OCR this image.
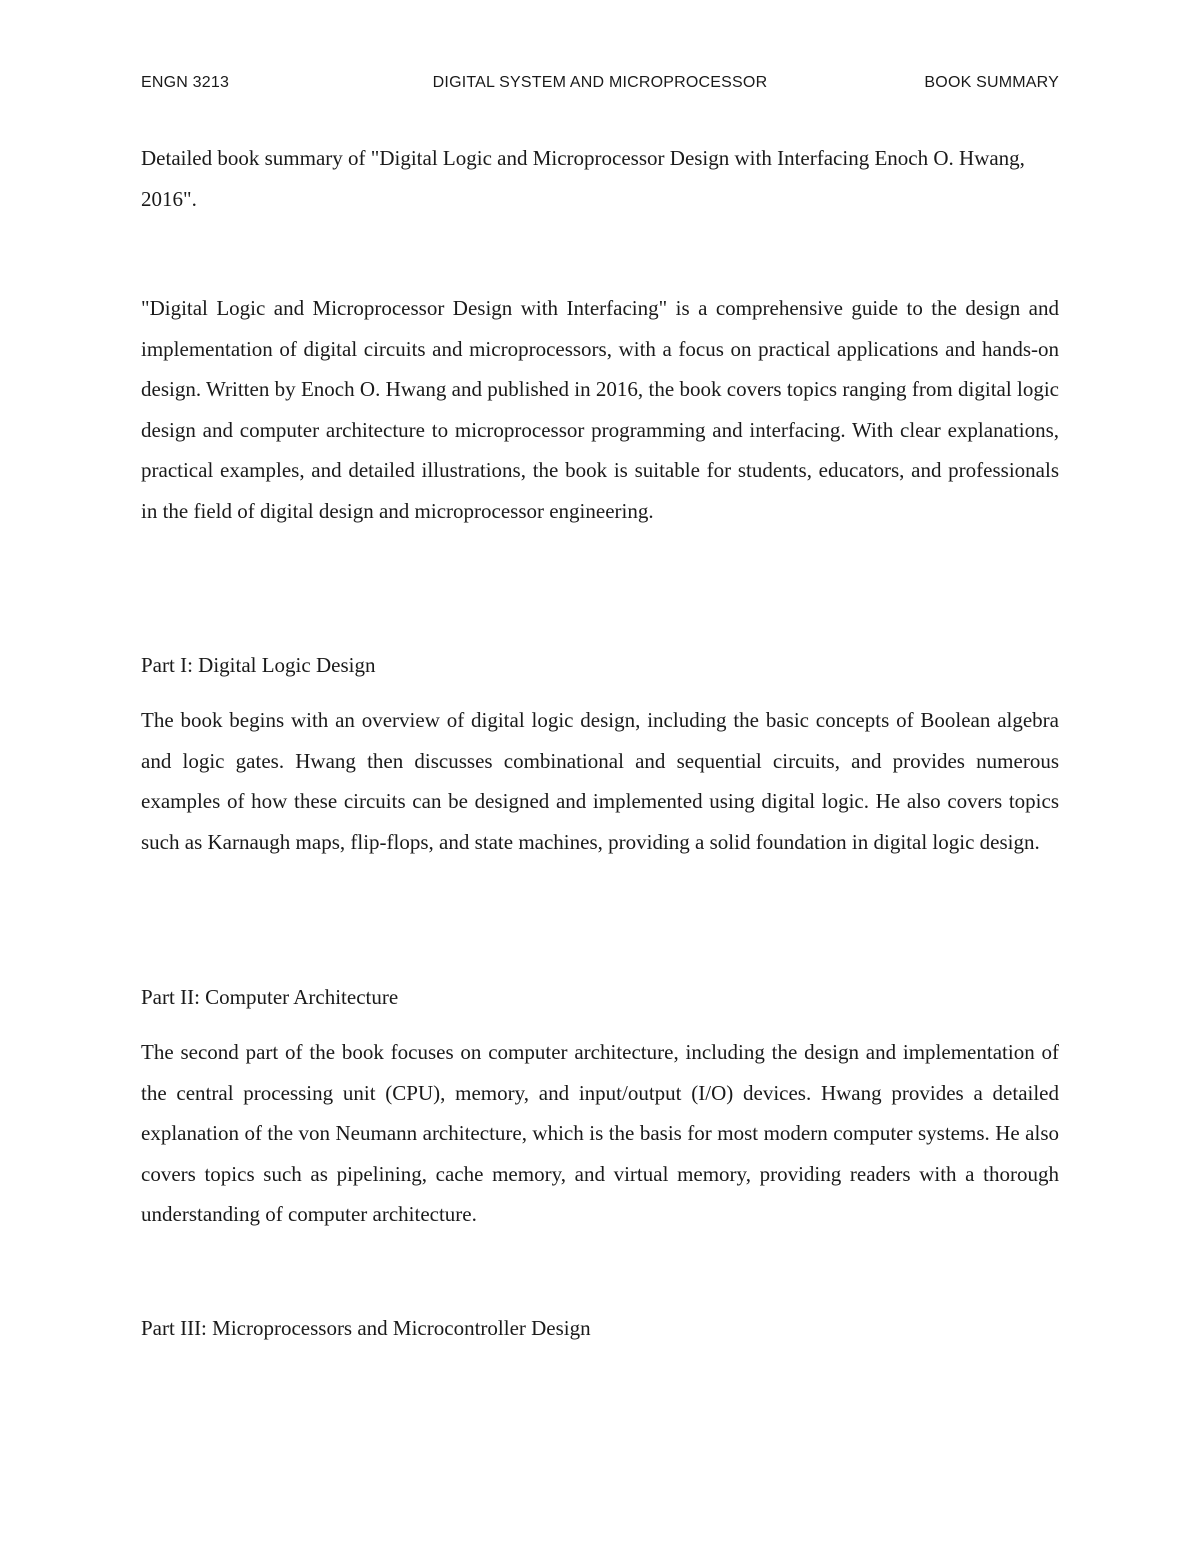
ENGN 3213	DIGITAL SYSTEM AND MICROPROCESSOR	BOOK SUMMARY

Detailed book summary of "Digital Logic and Microprocessor Design with Interfacing Enoch O. Hwang, 2016".

"Digital Logic and Microprocessor Design with Interfacing" is a comprehensive guide to the design and implementation of digital circuits and microprocessors, with a focus on practical applications and hands-on design. Written by Enoch O. Hwang and published in 2016, the book covers topics ranging from digital logic design and computer architecture to microprocessor programming and interfacing. With clear explanations, practical examples, and detailed illustrations, the book is suitable for students, educators, and professionals in the field of digital design and microprocessor engineering.

Part I: Digital Logic Design

The book begins with an overview of digital logic design, including the basic concepts of Boolean algebra and logic gates. Hwang then discusses combinational and sequential circuits, and provides numerous examples of how these circuits can be designed and implemented using digital logic. He also covers topics such as Karnaugh maps, flip-flops, and state machines, providing a solid foundation in digital logic design.

Part II: Computer Architecture

The second part of the book focuses on computer architecture, including the design and implementation of the central processing unit (CPU), memory, and input/output (I/O) devices. Hwang provides a detailed explanation of the von Neumann architecture, which is the basis for most modern computer systems. He also covers topics such as pipelining, cache memory, and virtual memory, providing readers with a thorough understanding of computer architecture.

Part III: Microprocessors and Microcontroller Design
